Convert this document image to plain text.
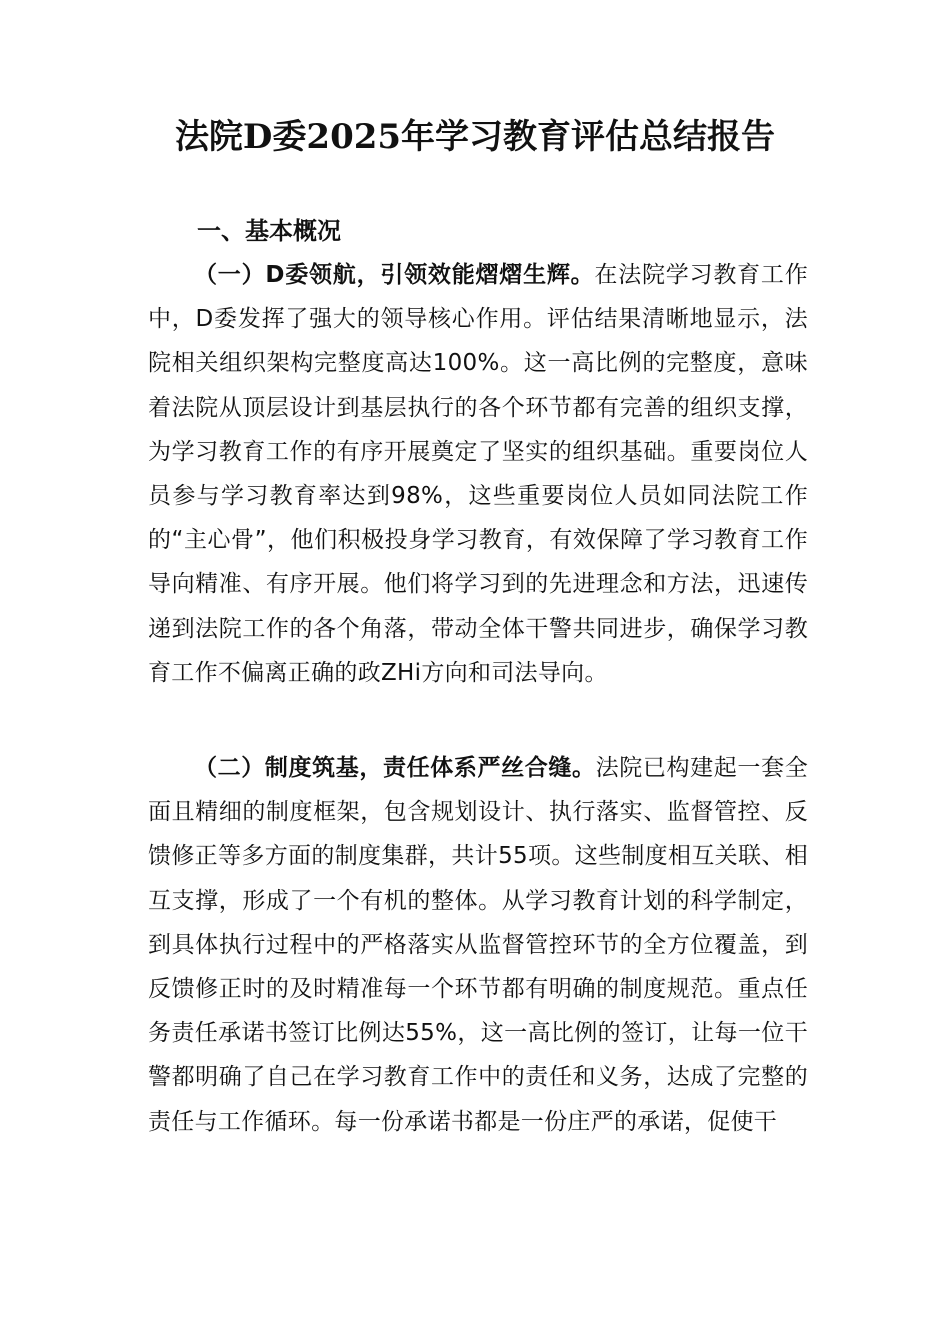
法院D委2025年学习教育评估总结报告
一、基本概况
（一）D委领航，引领效能熠熠生辉。在法院学习教育工作中，D委发挥了强大的领导核心作用。评估结果清晰地显示，法院相关组织架构完整度高达100%。这一高比例的完整度，意味着法院从顶层设计到基层执行的各个环节都有完善的组织支撑，为学习教育工作的有序开展奠定了坚实的组织基础。重要岗位人员参与学习教育率达到98%，这些重要岗位人员如同法院工作的“主心骨”，他们积极投身学习教育，有效保障了学习教育工作导向精准、有序开展。他们将学习到的先进理念和方法，迅速传递到法院工作的各个角落，带动全体干警共同进步，确保学习教育工作不偏离正确的政ZHi方向和司法导向。
（二）制度筑基，责任体系严丝合缝。法院已构建起一套全面且精细的制度框架，包含规划设计、执行落实、监督管控、反馈修正等多方面的制度集群，共计55项。这些制度相互关联、相互支撑，形成了一个有机的整体。从学习教育计划的科学制定，到具体执行过程中的严格落实从监督管控环节的全方位覆盖，到反馈修正时的及时精准每一个环节都有明确的制度规范。重点任务责任承诺书签订比例达55%，这一高比例的签订，让每一位干警都明确了自己在学习教育工作中的责任和义务，达成了完整的责任与工作循环。每一份承诺书都是一份庄严的承诺，促使干
